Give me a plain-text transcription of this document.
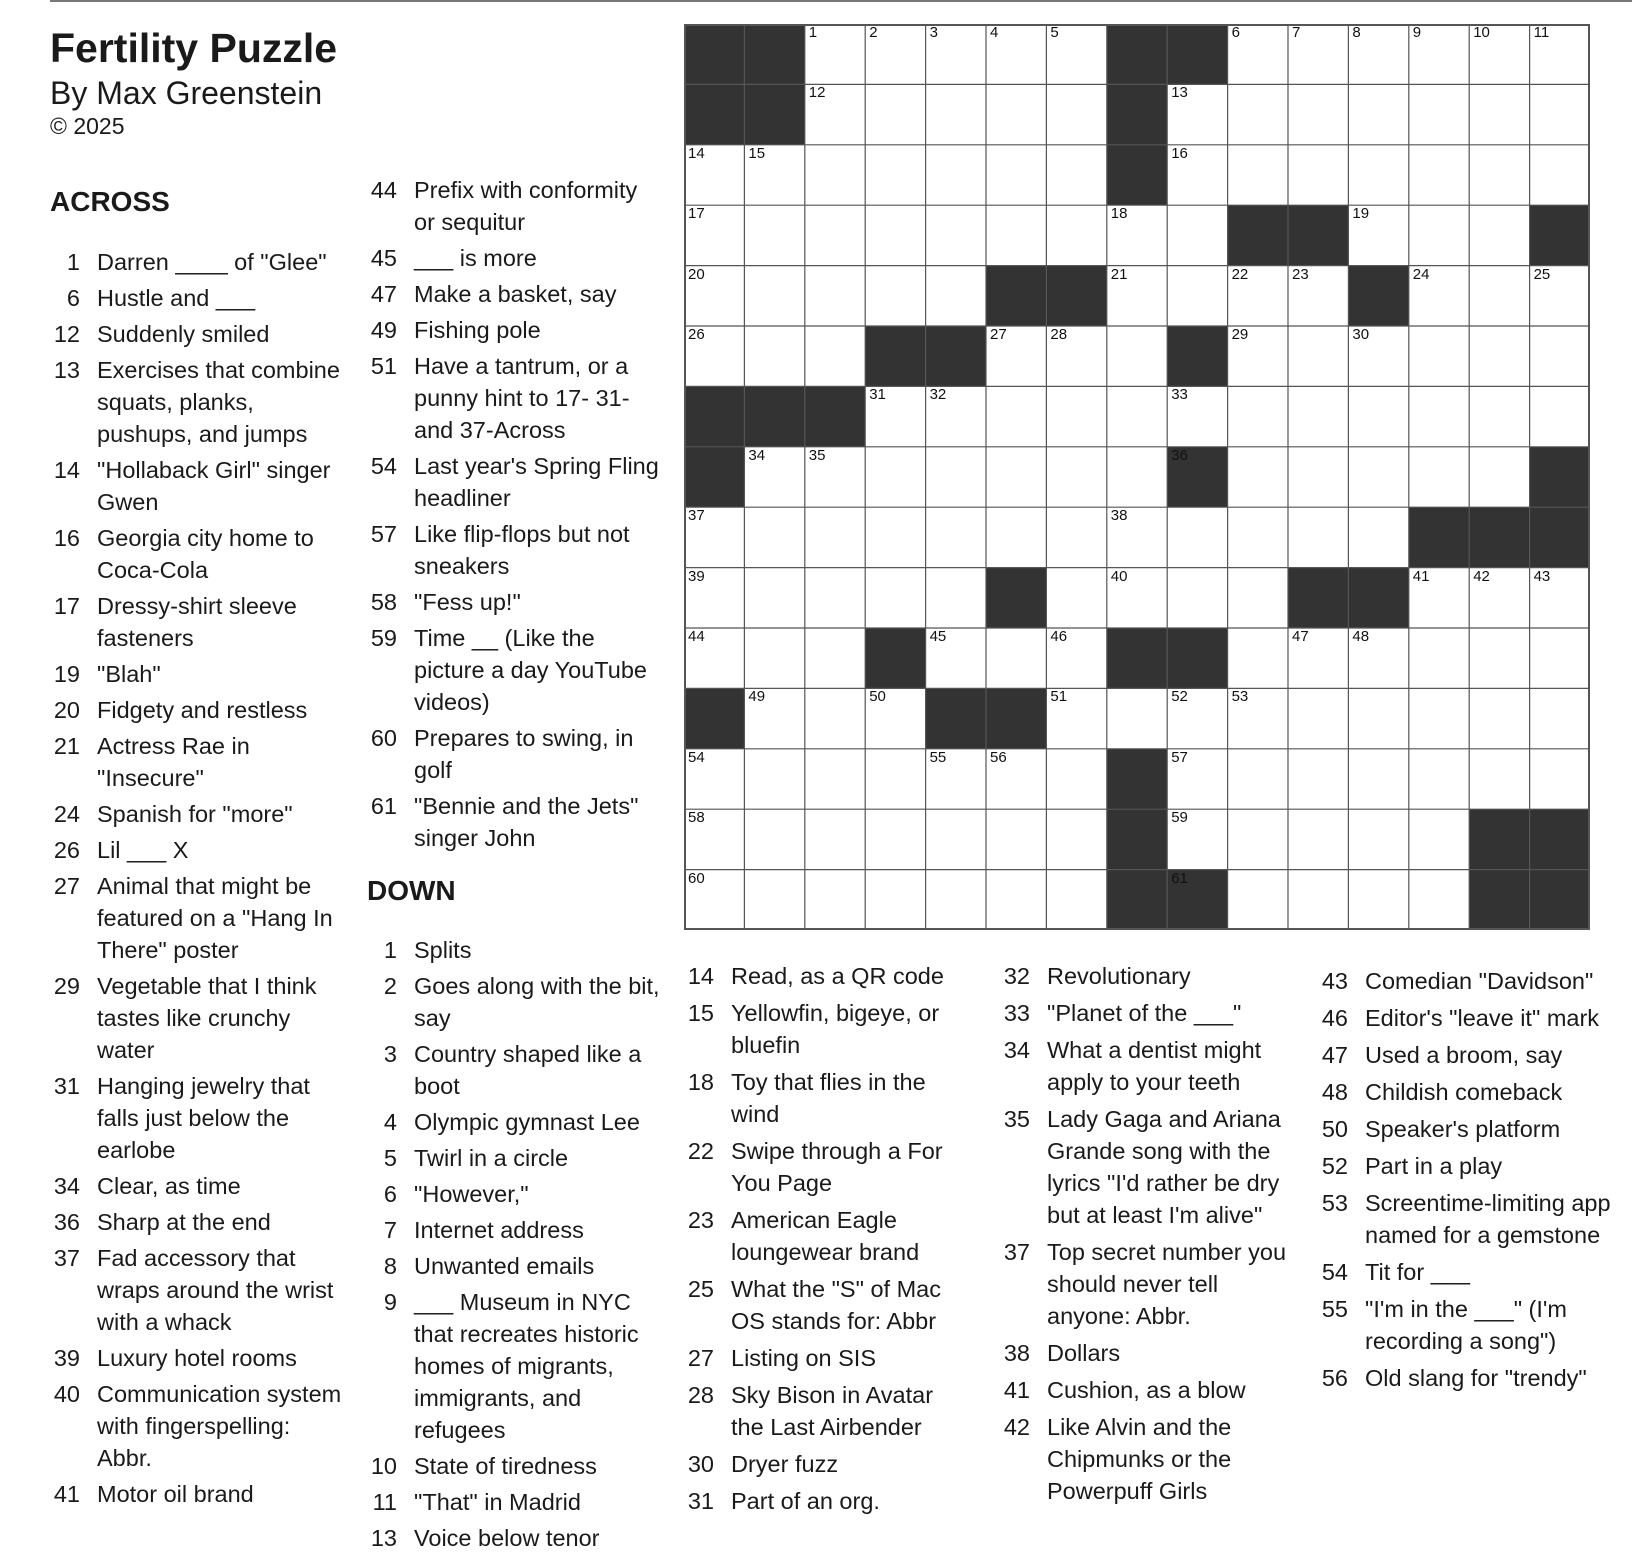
Fertility Puzzle
By Max Greenstein
© 2025
ACROSS
1 Darren ____ of "Glee"
6 Hustle and ___
12 Suddenly smiled
13 Exercises that combine squats, planks, pushups, and jumps
14 "Hollaback Girl" singer Gwen
16 Georgia city home to Coca-Cola
17 Dressy-shirt sleeve fasteners
19 "Blah"
20 Fidgety and restless
21 Actress Rae in "Insecure"
24 Spanish for "more"
26 Lil ___ X
27 Animal that might be featured on a "Hang In There" poster
29 Vegetable that I think tastes like crunchy water
31 Hanging jewelry that falls just below the earlobe
34 Clear, as time
36 Sharp at the end
37 Fad accessory that wraps around the wrist with a whack
39 Luxury hotel rooms
40 Communication system with fingerspelling: Abbr.
41 Motor oil brand
44 Prefix with conformity or sequitur
45 ___ is more
47 Make a basket, say
49 Fishing pole
51 Have a tantrum, or a punny hint to 17- 31- and 37-Across
54 Last year's Spring Fling headliner
57 Like flip-flops but not sneakers
58 "Fess up!"
59 Time __ (Like the picture a day YouTube videos)
60 Prepares to swing, in golf
61 "Bennie and the Jets" singer John
DOWN
1 Splits
2 Goes along with the bit, say
3 Country shaped like a boot
4 Olympic gymnast Lee
5 Twirl in a circle
6 "However,"
7 Internet address
8 Unwanted emails
9 ___ Museum in NYC that recreates historic homes of migrants, immigrants, and refugees
10 State of tiredness
11 "That" in Madrid
13 Voice below tenor
1	2	3	4	5	6	7	8	9	10	11
12	13
14	15	16
17	18	19
20	21	22	23	24	25
26	27	28	29	30
31	32	33
34	35	36
37	38
39	40	41	42	43
44	45	46	47	48
49	50	51	52	53
54	55	56	57
58	59
60	61
14 Read, as a QR code
15 Yellowfin, bigeye, or bluefin
18 Toy that flies in the wind
22 Swipe through a For You Page
23 American Eagle loungewear brand
25 What the "S" of Mac OS stands for: Abbr
27 Listing on SIS
28 Sky Bison in Avatar the Last Airbender
30 Dryer fuzz
31 Part of an org.
32 Revolutionary
33 "Planet of the ___"
34 What a dentist might apply to your teeth
35 Lady Gaga and Ariana Grande song with the lyrics "I'd rather be dry but at least I'm alive"
37 Top secret number you should never tell anyone: Abbr.
38 Dollars
41 Cushion, as a blow
42 Like Alvin and the Chipmunks or the Powerpuff Girls
43 Comedian "Davidson"
46 Editor's "leave it" mark
47 Used a broom, say
48 Childish comeback
50 Speaker's platform
52 Part in a play
53 Screentime-limiting app named for a gemstone
54 Tit for ___
55 "I'm in the ___" (I'm recording a song")
56 Old slang for "trendy"
